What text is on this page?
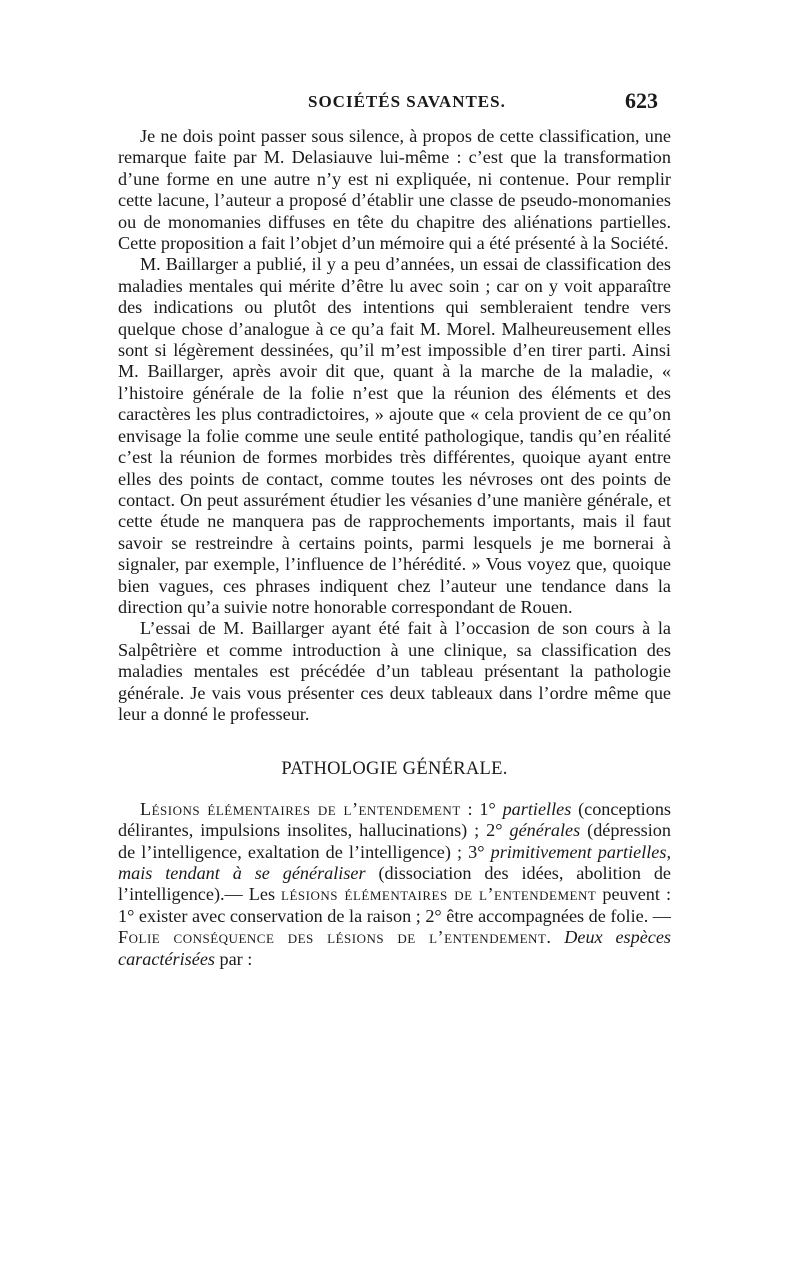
SOCIÉTÉS SAVANTES.	623

Je ne dois point passer sous silence, à propos de cette classification, une remarque faite par M. Delasiauve lui-même : c’est que la transformation d’une forme en une autre n’y est ni expliquée, ni contenue. Pour remplir cette lacune, l’auteur a proposé d’établir une classe de pseudo-monomanies ou de monomanies diffuses en tête du chapitre des aliénations partielles. Cette proposition a fait l’objet d’un mémoire qui a été présenté à la Société.

M. Baillarger a publié, il y a peu d’années, un essai de classification des maladies mentales qui mérite d’être lu avec soin ; car on y voit apparaître des indications ou plutôt des intentions qui sembleraient tendre vers quelque chose d’analogue à ce qu’a fait M. Morel. Malheureusement elles sont si légèrement dessinées, qu’il m’est impossible d’en tirer parti. Ainsi M. Baillarger, après avoir dit que, quant à la marche de la maladie, « l’histoire générale de la folie n’est que la réunion des éléments et des caractères les plus contradictoires, » ajoute que « cela provient de ce qu’on envisage la folie comme une seule entité pathologique, tandis qu’en réalité c’est la réunion de formes morbides très différentes, quoique ayant entre elles des points de contact, comme toutes les névroses ont des points de contact. On peut assurément étudier les vésanies d’une manière générale, et cette étude ne manquera pas de rapprochements importants, mais il faut savoir se restreindre à certains points, parmi lesquels je me bornerai à signaler, par exemple, l’influence de l’hérédité. » Vous voyez que, quoique bien vagues, ces phrases indiquent chez l’auteur une tendance dans la direction qu’a suivie notre honorable correspondant de Rouen.

L’essai de M. Baillarger ayant été fait à l’occasion de son cours à la Salpêtrière et comme introduction à une clinique, sa classification des maladies mentales est précédée d’un tableau présentant la pathologie générale. Je vais vous présenter ces deux tableaux dans l’ordre même que leur a donné le professeur.

PATHOLOGIE GÉNÉRALE.

Lésions élémentaires de l’entendement : 1° partielles (conceptions délirantes, impulsions insolites, hallucinations) ; 2° générales (dépression de l’intelligence, exaltation de l’intelligence) ; 3° primitivement partielles, mais tendant à se généraliser (dissociation des idées, abolition de l’intelligence).— Les lésions élémentaires de l’entendement peuvent : 1° exister avec conservation de la raison ; 2° être accompagnées de folie. — Folie conséquence des lésions de l’entendement. Deux espèces caractérisées par :
